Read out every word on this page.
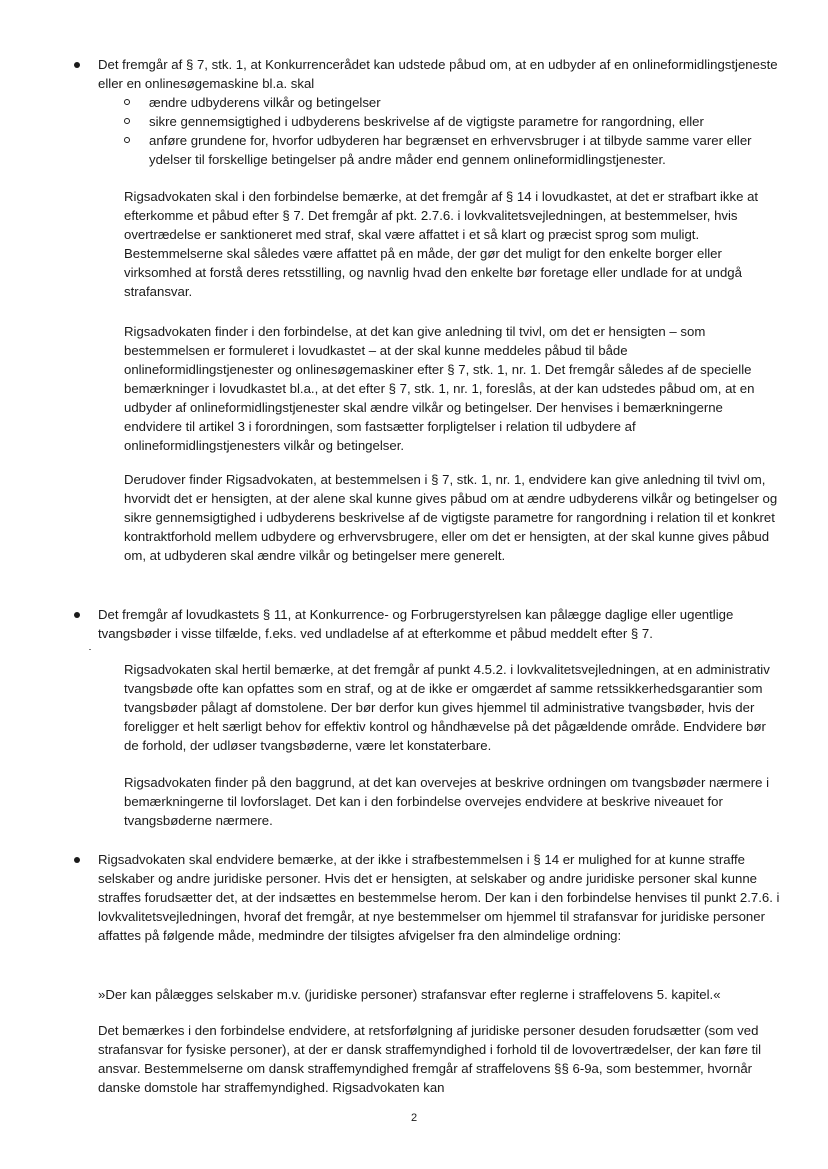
Det fremgår af § 7, stk. 1, at Konkurrencerådet kan udstede påbud om, at en udbyder af en onlineformidlingstjeneste eller en onlinesøgemaskine bl.a. skal

ændre udbyderens vilkår og betingelser
sikre gennemsigtighed i udbyderens beskrivelse af de vigtigste parametre for rangordning, eller
anføre grundene for, hvorfor udbyderen har begrænset en erhvervsbruger i at tilbyde samme varer eller ydelser til forskellige betingelser på andre måder end gennem onlineformidlingstjenester.

Rigsadvokaten skal i den forbindelse bemærke, at det fremgår af § 14 i lovudkastet, at det er strafbart ikke at efterkomme et påbud efter § 7. Det fremgår af pkt. 2.7.6. i lovkvalitetsvejledningen, at bestemmelser, hvis overtrædelse er sanktioneret med straf, skal være affattet i et så klart og præcist sprog som muligt. Bestemmelserne skal således være affattet på en måde, der gør det muligt for den enkelte borger eller virksomhed at forstå deres retsstilling, og navnlig hvad den enkelte bør foretage eller undlade for at undgå strafansvar.

Rigsadvokaten finder i den forbindelse, at det kan give anledning til tvivl, om det er hensigten – som bestemmelsen er formuleret i lovudkastet – at der skal kunne meddeles påbud til både onlineformidlingstjenester og onlinesøgemaskiner efter § 7, stk. 1, nr. 1. Det fremgår således af de specielle bemærkninger i lovudkastet bl.a., at det efter § 7, stk. 1, nr. 1, foreslås, at der kan udstedes påbud om, at en udbyder af onlineformidlingstjenester skal ændre vilkår og betingelser. Der henvises i bemærkningerne endvidere til artikel 3 i forordningen, som fastsætter forpligtelser i relation til udbydere af onlineformidlingstjenesters vilkår og betingelser.

Derudover finder Rigsadvokaten, at bestemmelsen i § 7, stk. 1, nr. 1, endvidere kan give anledning til tvivl om, hvorvidt det er hensigten, at der alene skal kunne gives påbud om at ændre udbyderens vilkår og betingelser og sikre gennemsigtighed i udbyderens beskrivelse af de vigtigste parametre for rangordning i relation til et konkret kontraktforhold mellem udbydere og erhvervsbrugere, eller om det er hensigten, at der skal kunne gives påbud om, at udbyderen skal ændre vilkår og betingelser mere generelt.

Det fremgår af lovudkastets § 11, at Konkurrence- og Forbrugerstyrelsen kan pålægge daglige eller ugentlige tvangsbøder i visse tilfælde, f.eks. ved undladelse af at efterkomme et påbud meddelt efter § 7.

Rigsadvokaten skal hertil bemærke, at det fremgår af punkt 4.5.2. i lovkvalitetsvejledningen, at en administrativ tvangsbøde ofte kan opfattes som en straf, og at de ikke er omgærdet af samme retssikkerhedsgarantier som tvangsbøder pålagt af domstolene. Der bør derfor kun gives hjemmel til administrative tvangsbøder, hvis der foreligger et helt særligt behov for effektiv kontrol og håndhævelse på det pågældende område. Endvidere bør de forhold, der udløser tvangsbøderne, være let konstaterbare.

Rigsadvokaten finder på den baggrund, at det kan overvejes at beskrive ordningen om tvangsbøder nærmere i bemærkningerne til lovforslaget. Det kan i den forbindelse overvejes endvidere at beskrive niveauet for tvangsbøderne nærmere.

Rigsadvokaten skal endvidere bemærke, at der ikke i strafbestemmelsen i § 14 er mulighed for at kunne straffe selskaber og andre juridiske personer. Hvis det er hensigten, at selskaber og andre juridiske personer skal kunne straffes forudsætter det, at der indsættes en bestemmelse herom. Der kan i den forbindelse henvises til punkt 2.7.6. i lovkvalitetsvejledningen, hvoraf det fremgår, at nye bestemmelser om hjemmel til strafansvar for juridiske personer affattes på følgende måde, medmindre der tilsigtes afvigelser fra den almindelige ordning:

»Der kan pålægges selskaber m.v. (juridiske personer) strafansvar efter reglerne i straffelovens 5. kapitel.«

Det bemærkes i den forbindelse endvidere, at retsforfølgning af juridiske personer desuden forudsætter (som ved strafansvar for fysiske personer), at der er dansk straffemyndighed i forhold til de lovovertrædelser, der kan føre til ansvar. Bestemmelserne om dansk straffemyndighed fremgår af straffelovens §§ 6-9a, som bestemmer, hvornår danske domstole har straffemyndighed. Rigsadvokaten kan

2
